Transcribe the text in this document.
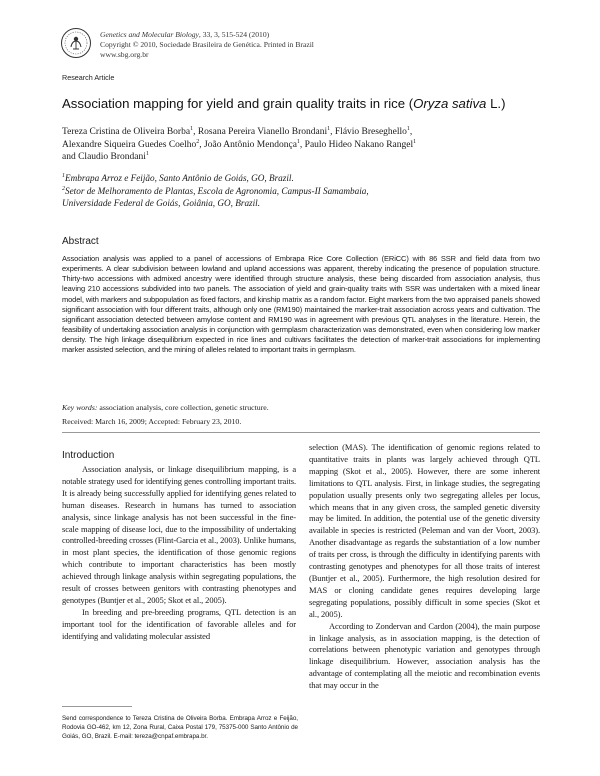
Genetics and Molecular Biology, 33, 3, 515-524 (2010)
Copyright © 2010, Sociedade Brasileira de Genética. Printed in Brazil
www.sbg.org.br
Research Article
Association mapping for yield and grain quality traits in rice (Oryza sativa L.)
Tereza Cristina de Oliveira Borba$^1$, Rosana Pereira Vianello Brondani$^1$, Flávio Breseghello$^1$,
Alexandre Siqueira Guedes Coelho$^2$, João Antônio Mendonça$^1$, Paulo Hideo Nakano Rangel$^1$
and Claudio Brondani$^1$
$^1$Embrapa Arroz e Feijão, Santo Antônio de Goiás, GO, Brazil.
$^2$Setor de Melhoramento de Plantas, Escola de Agronomia, Campus-II Samambaia,
Universidade Federal de Goiás, Goiânia, GO, Brazil.
Abstract
Association analysis was applied to a panel of accessions of Embrapa Rice Core Collection (ERiCC) with 86 SSR and field data from two experiments. A clear subdivision between lowland and upland accessions was apparent, thereby indicating the presence of population structure. Thirty-two accessions with admixed ancestry were identified through structure analysis, these being discarded from association analysis, thus leaving 210 accessions subdivided into two panels. The association of yield and grain-quality traits with SSR was undertaken with a mixed linear model, with markers and subpopulation as fixed factors, and kinship matrix as a random factor. Eight markers from the two appraised panels showed significant association with four different traits, although only one (RM190) maintained the marker-trait association across years and cultivation. The significant association detected between amylose content and RM190 was in agreement with previous QTL analyses in the literature. Herein, the feasibility of undertaking association analysis in conjunction with germplasm characterization was demonstrated, even when considering low marker density. The high linkage disequilibrium expected in rice lines and cultivars facilitates the detection of marker-trait associations for implementing marker assisted selection, and the mining of alleles related to important traits in germplasm.
Key words: association analysis, core collection, genetic structure.
Received: March 16, 2009; Accepted: February 23, 2010.
Introduction

Association analysis, or linkage disequilibrium mapping, is a notable strategy used for identifying genes controlling important traits. It is already being successfully applied for identifying genes related to human diseases. Research in humans has turned to association analysis, since linkage analysis has not been successful in the fine-scale mapping of disease loci, due to the impossibility of undertaking controlled-breeding crosses (Flint-Garcia et al., 2003). Unlike humans, in most plant species, the identification of those genomic regions which contribute to important characteristics has been mostly achieved through linkage analysis within segregating populations, the result of crosses between genitors with contrasting phenotypes and genotypes (Buntjer et al., 2005; Skot et al., 2005).

In breeding and pre-breeding programs, QTL detection is an important tool for the identification of favorable alleles and for identifying and validating molecular assisted

selection (MAS). The identification of genomic regions related to quantitative traits in plants was largely achieved through QTL mapping (Skot et al., 2005). However, there are some inherent limitations to QTL analysis. First, in linkage studies, the segregating population usually presents only two segregating alleles per locus, which means that in any given cross, the sampled genetic diversity may be limited. In addition, the potential use of the genetic diversity available in species is restricted (Peleman and van der Voort, 2003). Another disadvantage as regards the substantiation of a low number of traits per cross, is through the difficulty in identifying parents with contrasting genotypes and phenotypes for all those traits of interest (Buntjer et al., 2005). Furthermore, the high resolution desired for MAS or cloning candidate genes requires developing large segregating populations, possibly difficult in some species (Skot et al., 2005).

According to Zondervan and Cardon (2004), the main purpose in linkage analysis, as in association mapping, is the detection of correlations between phenotypic variation and genotypes through linkage disequilibrium. However, association analysis has the advantage of contemplating all the meiotic and recombination events that may occur in the

Send correspondence to Tereza Cristina de Oliveira Borba. Embrapa Arroz e Feijão, Rodovia GO-462, km 12, Zona Rural, Caixa Postal 179, 75375-000 Santo Antônio de Goiás, GO, Brazil. E-mail: tereza@cnpaf.embrapa.br.
